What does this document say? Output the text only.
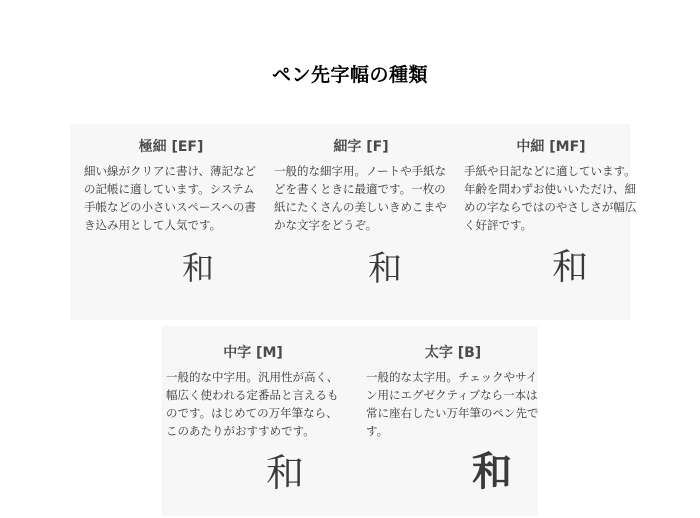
ペン先字幅の種類
極細 [EF]
細い線がクリアに書け、薄記などの記帳に適しています。システム手帳などの小さいスペースへの書き込み用として人気です。
和
細字 [F]
一般的な細字用。ノートや手紙などを書くときに最適です。一枚の紙にたくさんの美しいきめこまやかな文字をどうぞ。
和
中細 [MF]
手紙や日記などに適しています。年齢を問わずお使いいただけ、細めの字ならではのやさしさが幅広く好評です。
和
中字 [M]
一般的な中字用。汎用性が高く、幅広く使われる定番品と言えるものです。はじめての万年筆なら、このあたりがおすすめです。
和
太字 [B]
一般的な太字用。チェックやサイン用にエグゼクティブなら一本は常に座右したい万年筆のペン先です。
和
